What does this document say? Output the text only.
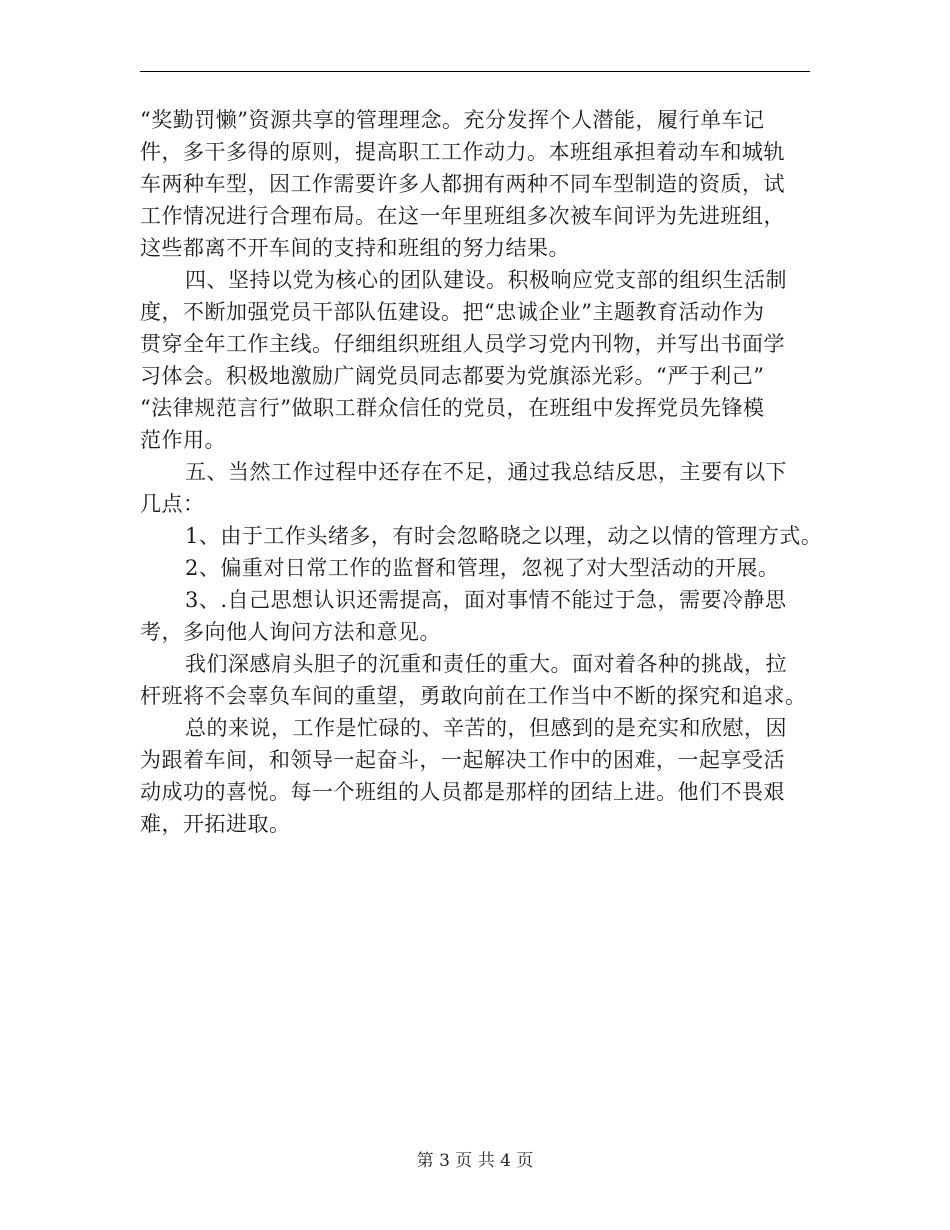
“奖勤罚懒”资源共享的管理理念。充分发挥个人潜能，履行单车记
件，多干多得的原则，提高职工工作动力。本班组承担着动车和城轨
车两种车型，因工作需要许多人都拥有两种不同车型制造的资质，试
工作情况进行合理布局。在这一年里班组多次被车间评为先进班组，
这些都离不开车间的支持和班组的努力结果。
四、坚持以党为核心的团队建设。积极响应党支部的组织生活制
度，不断加强党员干部队伍建设。把“忠诚企业”主题教育活动作为
贯穿全年工作主线。仔细组织班组人员学习党内刊物，并写出书面学
习体会。积极地激励广阔党员同志都要为党旗添光彩。“严于利己”
“法律规范言行”做职工群众信任的党员，在班组中发挥党员先锋模
范作用。
五、当然工作过程中还存在不足，通过我总结反思，主要有以下
几点：
1、由于工作头绪多，有时会忽略晓之以理，动之以情的管理方式。
2、偏重对日常工作的监督和管理，忽视了对大型活动的开展。
3、.自己思想认识还需提高，面对事情不能过于急，需要冷静思
考，多向他人询问方法和意见。
我们深感肩头胆子的沉重和责任的重大。面对着各种的挑战，拉
杆班将不会辜负车间的重望，勇敢向前在工作当中不断的探究和追求。
总的来说，工作是忙碌的、辛苦的，但感到的是充实和欣慰，因
为跟着车间，和领导一起奋斗，一起解决工作中的困难，一起享受活
动成功的喜悦。每一个班组的人员都是那样的团结上进。他们不畏艰
难，开拓进取。
第 3 页 共 4 页
